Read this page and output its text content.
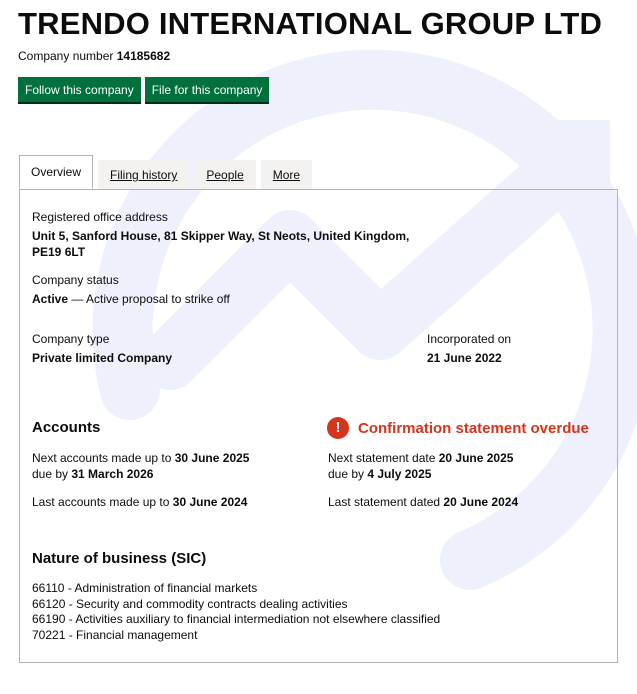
TRENDO INTERNATIONAL GROUP LTD
Company number 14185682
Follow this company	File for this company
Overview	Filing history	People	More
Registered office address
Unit 5, Sanford House, 81 Skipper Way, St Neots, United Kingdom,
PE19 6LT
Company status
Active — Active proposal to strike off
Company type
Private limited Company
Incorporated on
21 June 2022
Accounts
Next accounts made up to 30 June 2025
due by 31 March 2026
Last accounts made up to 30 June 2024
!	Confirmation statement overdue
Next statement date 20 June 2025
due by 4 July 2025
Last statement dated 20 June 2024
Nature of business (SIC)
66110 - Administration of financial markets
66120 - Security and commodity contracts dealing activities
66190 - Activities auxiliary to financial intermediation not elsewhere classified
70221 - Financial management
